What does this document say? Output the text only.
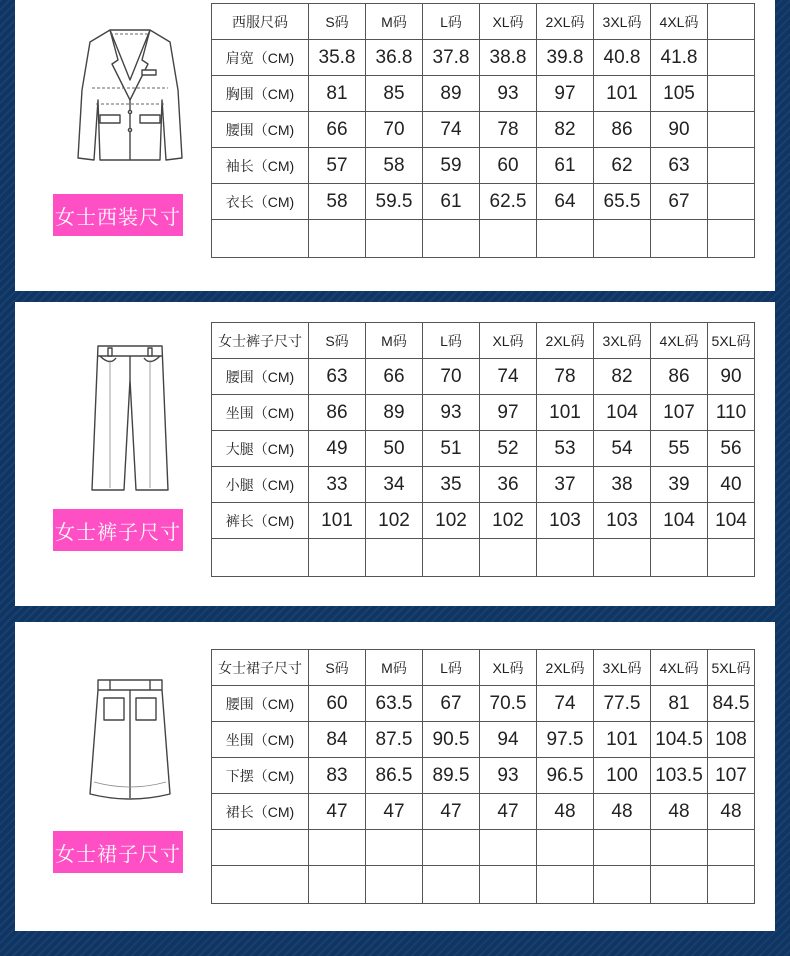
女士西装尺寸
西服尺码	S码	M码	L码	XL码	2XL码	3XL码	4XL码	
肩宽（CM)	35.8	36.8	37.8	38.8	39.8	40.8	41.8	
胸围（CM)	81	85	89	93	97	101	105	
腰围（CM)	66	70	74	78	82	86	90	
袖长（CM)	57	58	59	60	61	62	63	
衣长（CM)	58	59.5	61	62.5	64	65.5	67	

女士裤子尺寸
女士裤子尺寸	S码	M码	L码	XL码	2XL码	3XL码	4XL码	5XL码
腰围（CM)	63	66	70	74	78	82	86	90
坐围（CM)	86	89	93	97	101	104	107	110
大腿（CM)	49	50	51	52	53	54	55	56
小腿（CM)	33	34	35	36	37	38	39	40
裤长（CM)	101	102	102	102	103	103	104	104

女士裙子尺寸
女士裙子尺寸	S码	M码	L码	XL码	2XL码	3XL码	4XL码	5XL码
腰围（CM)	60	63.5	67	70.5	74	77.5	81	84.5
坐围（CM)	84	87.5	90.5	94	97.5	101	104.5	108
下摆（CM)	83	86.5	89.5	93	96.5	100	103.5	107
裙长（CM)	47	47	47	47	48	48	48	48
